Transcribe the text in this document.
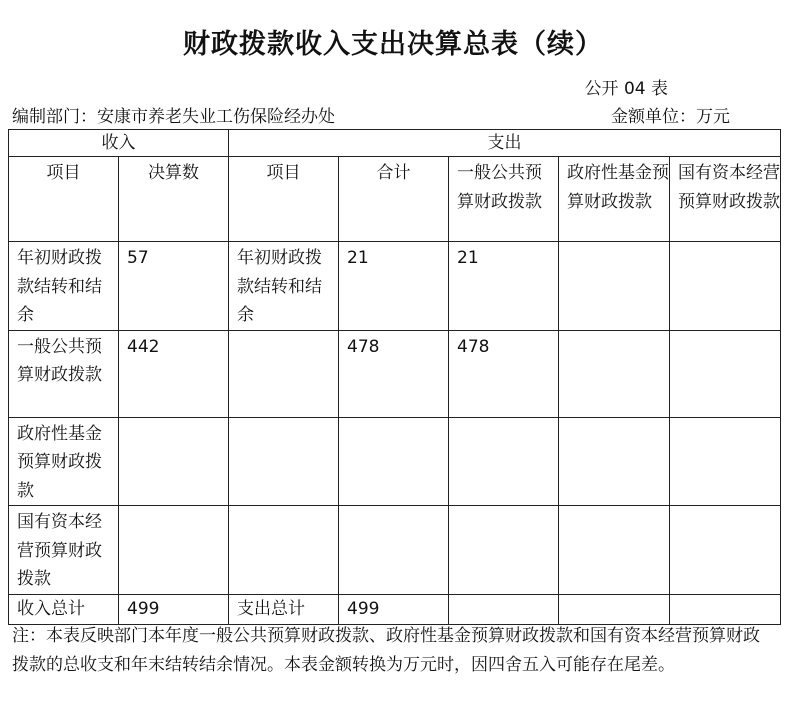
财政拨款收入支出决算总表（续）
公开 04 表
编制部门：安康市养老失业工伤保险经办处	金额单位：万元
收入		支出				
项目	决算数	项目	合计	一般公共预算财政拨款	政府性基金预算财政拨款	国有资本经营预算财政拨款
年初财政拨款结转和结余	57	年初财政拨款结转和结余	21	21		
一般公共预算财政拨款	442		478	478		
政府性基金预算财政拨款						
国有资本经营预算财政拨款						
收入总计	499	支出总计	499			
注：本表反映部门本年度一般公共预算财政拨款、政府性基金预算财政拨款和国有资本经营预算财政拨款的总收支和年末结转结余情况。本表金额转换为万元时，因四舍五入可能存在尾差。
